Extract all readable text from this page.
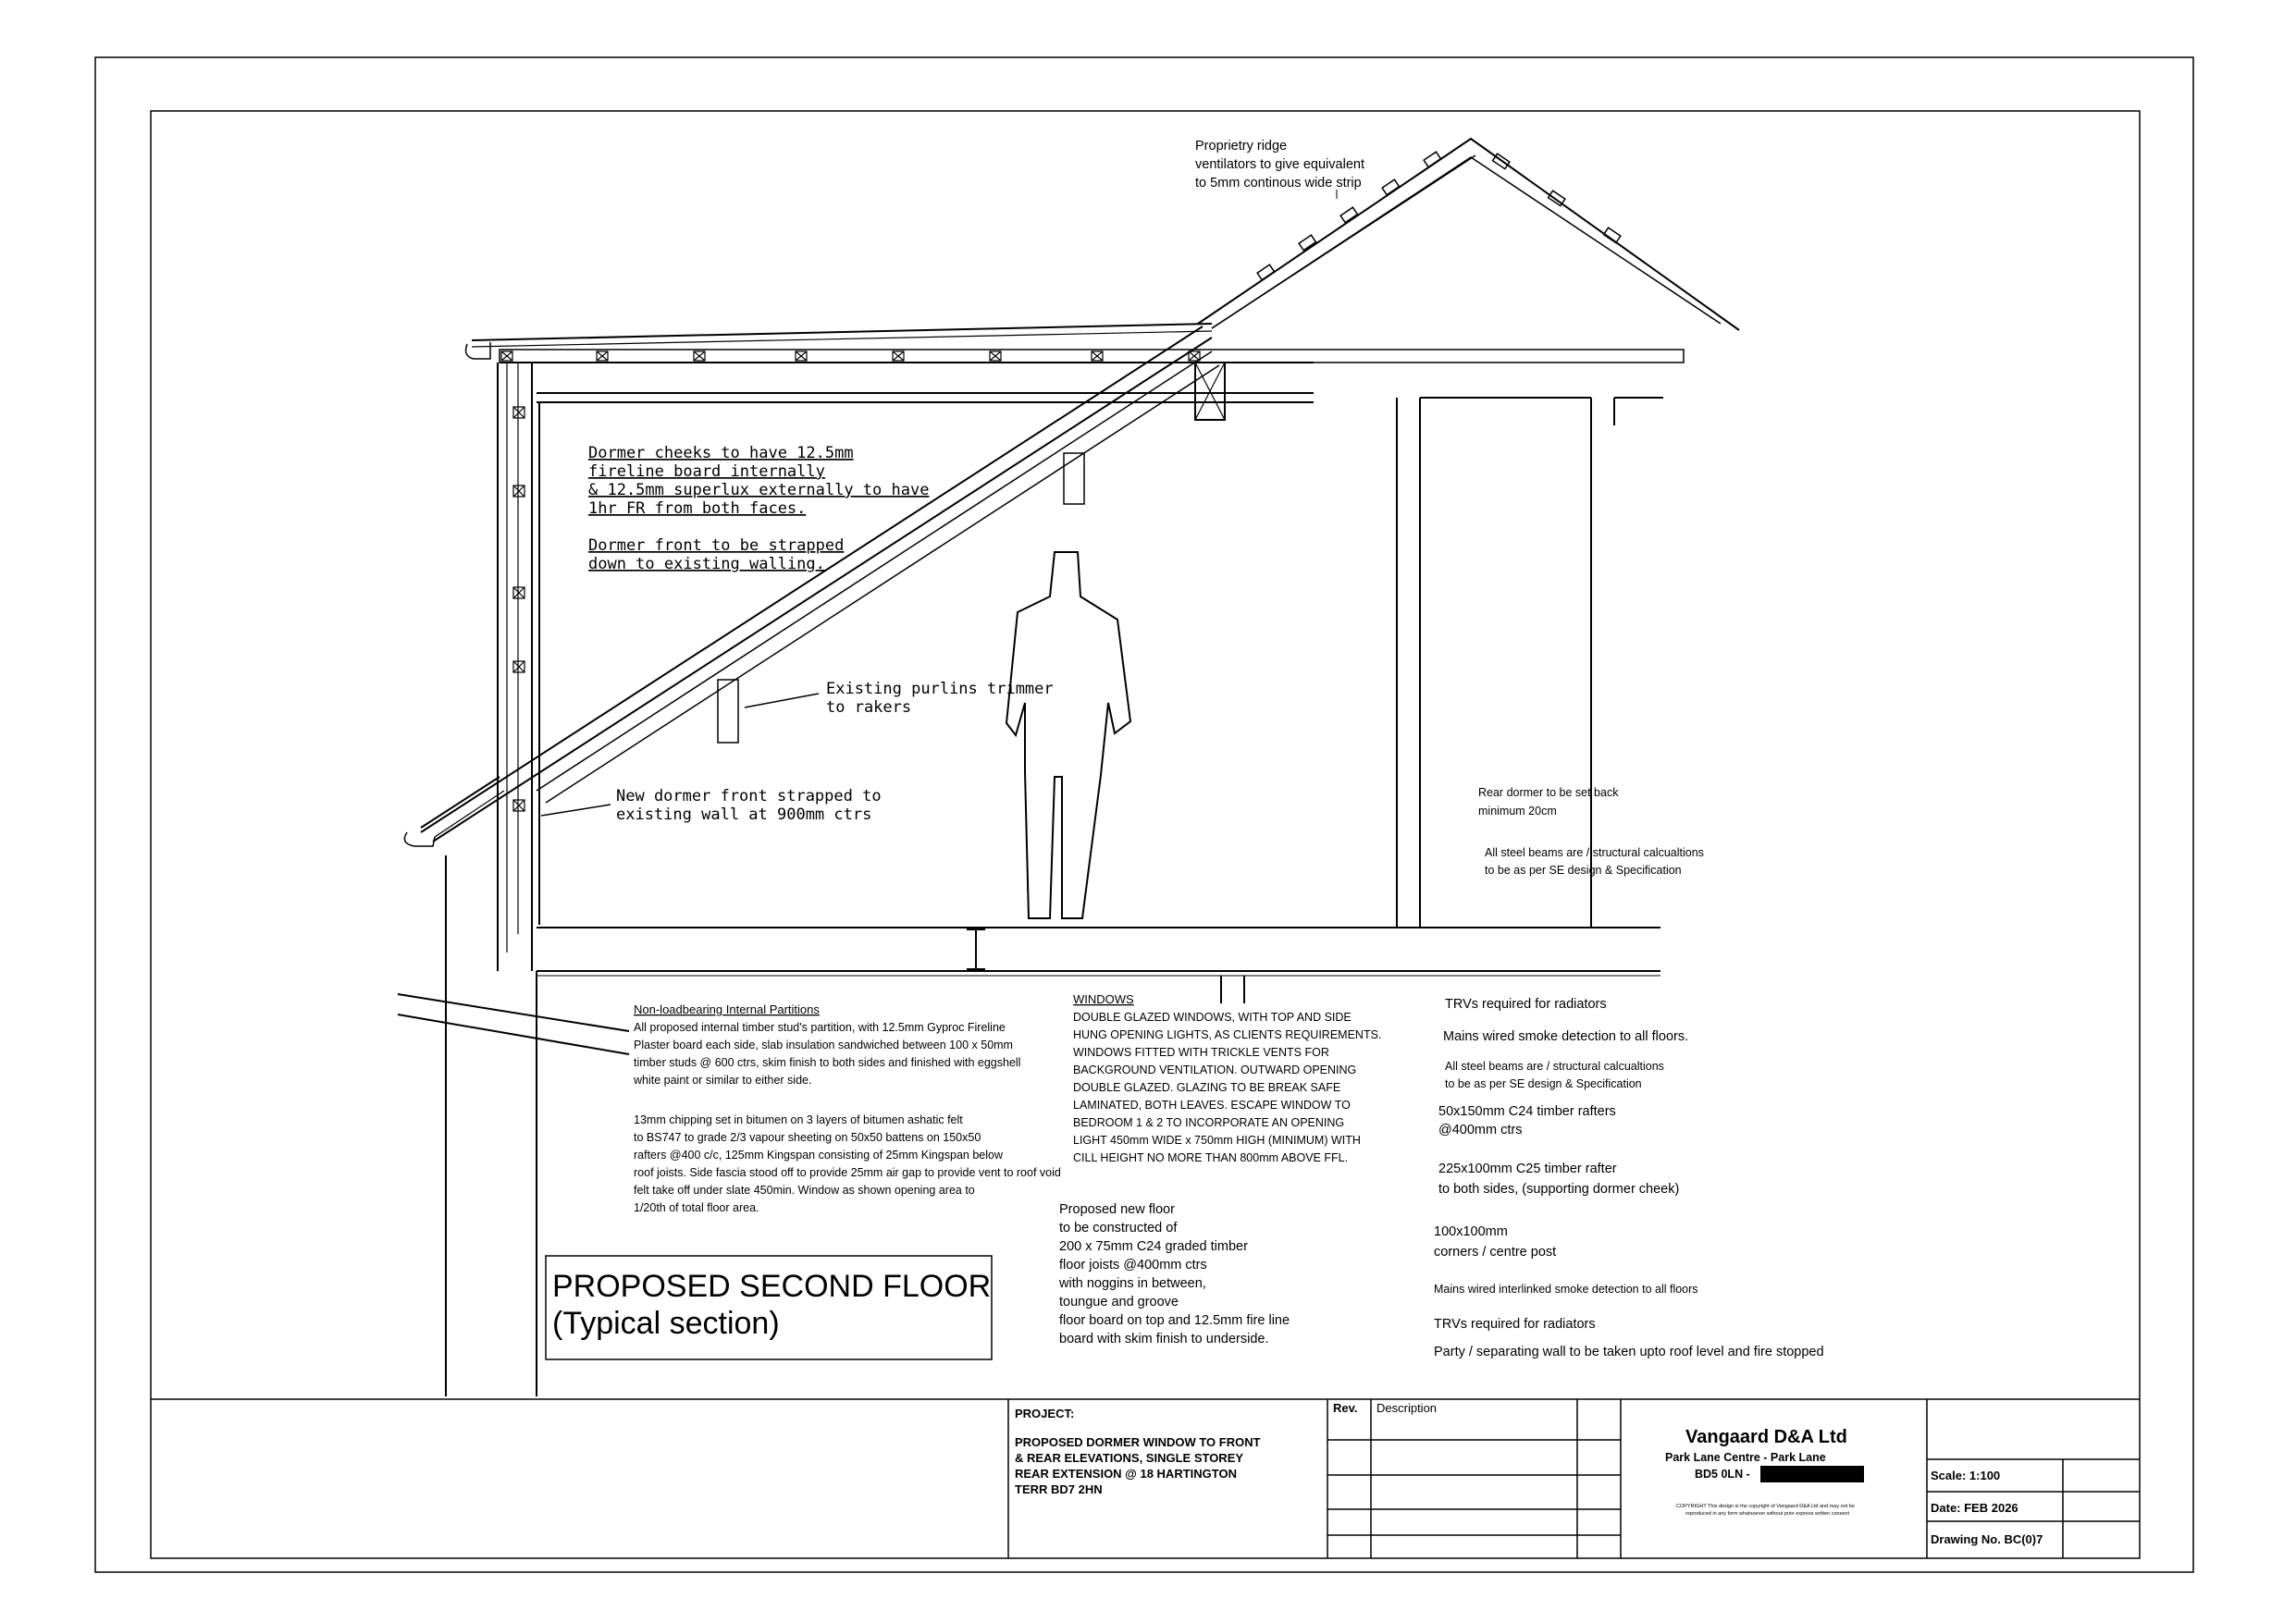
Proprietry ridge
ventilators to give equivalent
to 5mm continous wide strip
Dormer cheeks to have 12.5mm
fireline board internally
& 12.5mm superlux externally to have
1hr FR from both faces.
Dormer front to be strapped
down to existing walling.
Existing purlins trimmer
to rakers
New dormer front strapped to
existing wall at 900mm ctrs
Rear dormer to be set back
minimum 20cm
All steel beams are / structural calcualtions
to be as per SE design & Specification
Non-loadbearing Internal Partitions
All proposed internal timber stud's partition, with 12.5mm Gyproc Fireline
Plaster board each side, slab insulation sandwiched between 100 x 50mm
timber studs @ 600 ctrs, skim finish to both sides and finished with eggshell
white paint or similar to either side.
13mm chipping set in bitumen on 3 layers of bitumen ashatic felt
to BS747 to grade 2/3 vapour sheeting on 50x50 battens on 150x50
rafters @400 c/c, 125mm Kingspan consisting of 25mm Kingspan below
roof joists. Side fascia stood off to provide 25mm air gap to provide vent to roof void
felt take off under slate 450min. Window as shown opening area to
1/20th of total floor area.
WINDOWS
DOUBLE GLAZED WINDOWS, WITH TOP AND SIDE
HUNG OPENING LIGHTS, AS CLIENTS REQUIREMENTS.
WINDOWS FITTED WITH TRICKLE VENTS FOR
BACKGROUND VENTILATION. OUTWARD OPENING
DOUBLE GLAZED. GLAZING TO BE BREAK SAFE
LAMINATED, BOTH LEAVES. ESCAPE WINDOW TO
BEDROOM 1 & 2 TO INCORPORATE AN OPENING
LIGHT 450mm WIDE x 750mm HIGH (MINIMUM) WITH
CILL HEIGHT NO MORE THAN 800mm ABOVE FFL.
Proposed new floor
to be constructed of
200 x 75mm C24 graded timber
floor joists @400mm ctrs
with noggins in between,
toungue and groove
floor board on top and 12.5mm fire line
board with skim finish to underside.
TRVs required for radiators
Mains wired smoke detection to all floors.
All steel beams are / structural calcualtions
to be as per SE design & Specification
50x150mm C24 timber rafters
@400mm ctrs
225x100mm C25 timber rafter
to both sides, (supporting dormer cheek)
100x100mm
corners / centre post
Mains wired interlinked smoke detection to all floors
TRVs required for radiators
Party / separating wall to be taken upto roof level and fire stopped
PROPOSED SECOND FLOOR
(Typical section)
PROJECT:
PROPOSED DORMER WINDOW TO FRONT
& REAR ELEVATIONS, SINGLE STOREY
REAR EXTENSION @ 18 HARTINGTON
TERR BD7 2HN
Rev. Description
Vangaard D&A Ltd
Park Lane Centre - Park Lane
BD5 0LN -
COPYRIGHT This design is the copyright of Vangaard D&A Ltd and may not be
reproduced in any form whatsoever without prior express written consent
Scale: 1:100
Date: FEB 2026
Drawing No. BC(0)7
